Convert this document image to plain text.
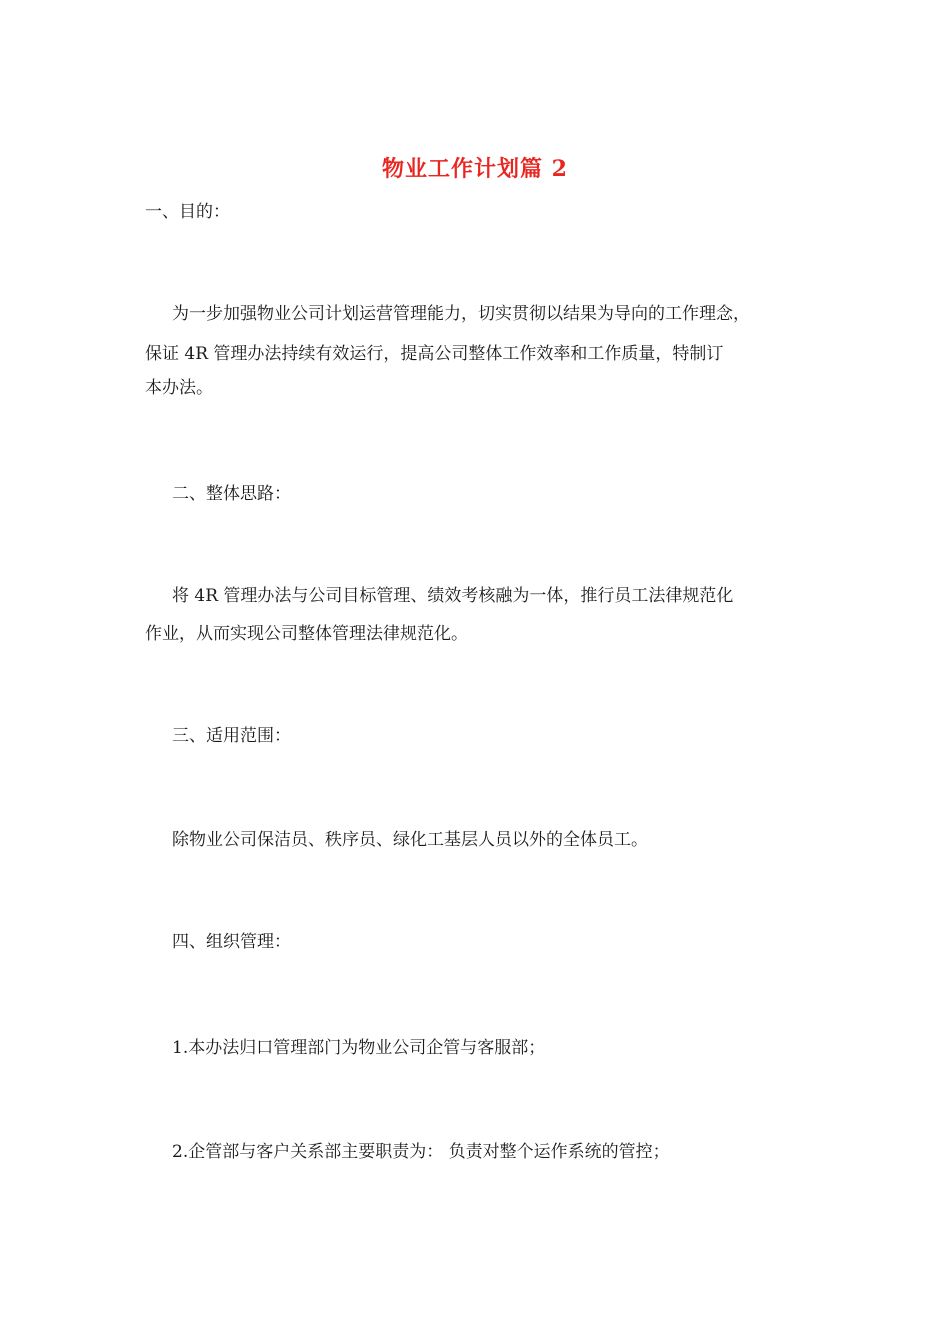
物业工作计划篇 2
一、目的：
为一步加强物业公司计划运营管理能力，切实贯彻以结果为导向的工作理念，
保证 4R 管理办法持续有效运行，提高公司整体工作效率和工作质量，特制订
本办法。
二、整体思路：
将 4R 管理办法与公司目标管理、绩效考核融为一体，推行员工法律规范化
作业，从而实现公司整体管理法律规范化。
三、适用范围：
除物业公司保洁员、秩序员、绿化工基层人员以外的全体员工。
四、组织管理：
1.本办法归口管理部门为物业公司企管与客服部；
2.企管部与客户关系部主要职责为： 负责对整个运作系统的管控；
